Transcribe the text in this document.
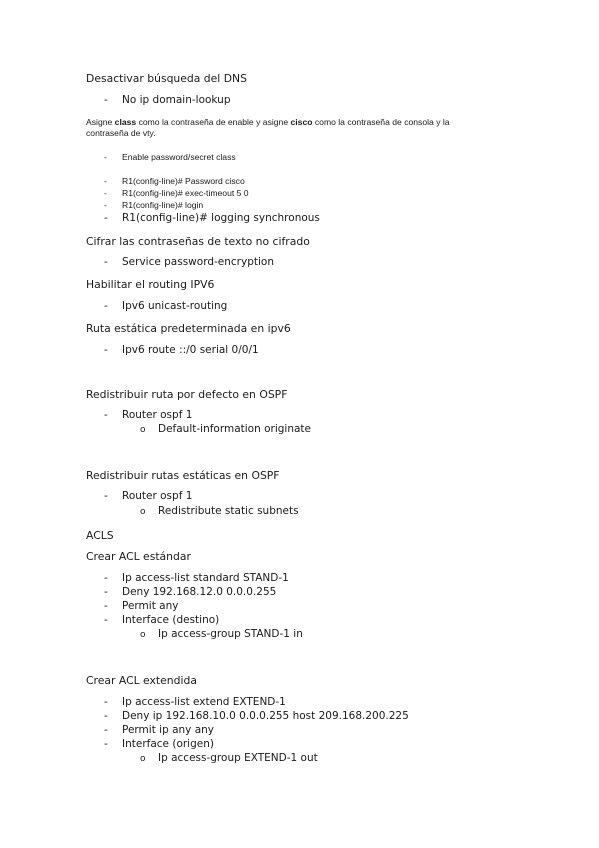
Desactivar búsqueda del DNS
-	No ip domain-lookup
Asigne class como la contraseña de enable y asigne cisco como la contraseña de consola y la
contraseña de vty.
-	Enable password/secret class
-	R1(config-line)# Password cisco
-	R1(config-line)# exec-timeout 5 0
-	R1(config-line)# login
-	R1(config-line)# logging synchronous
Cifrar las contraseñas de texto no cifrado
-	Service password-encryption
Habilitar el routing IPV6
-	Ipv6 unicast-routing
Ruta estática predeterminada en ipv6
-	Ipv6 route ::/0 serial 0/0/1
Redistribuir ruta por defecto en OSPF
-	Router ospf 1
o Default-information originate
Redistribuir rutas estáticas en OSPF
-	Router ospf 1
o Redistribute static subnets
ACLS
Crear ACL estándar
-	Ip access-list standard STAND-1
-	Deny 192.168.12.0 0.0.0.255
-	Permit any
-	Interface (destino)
o Ip access-group STAND-1 in
Crear ACL extendida
-	Ip access-list extend EXTEND-1
-	Deny ip 192.168.10.0 0.0.0.255 host 209.168.200.225
-	Permit ip any any
-	Interface (origen)
o Ip access-group EXTEND-1 out
